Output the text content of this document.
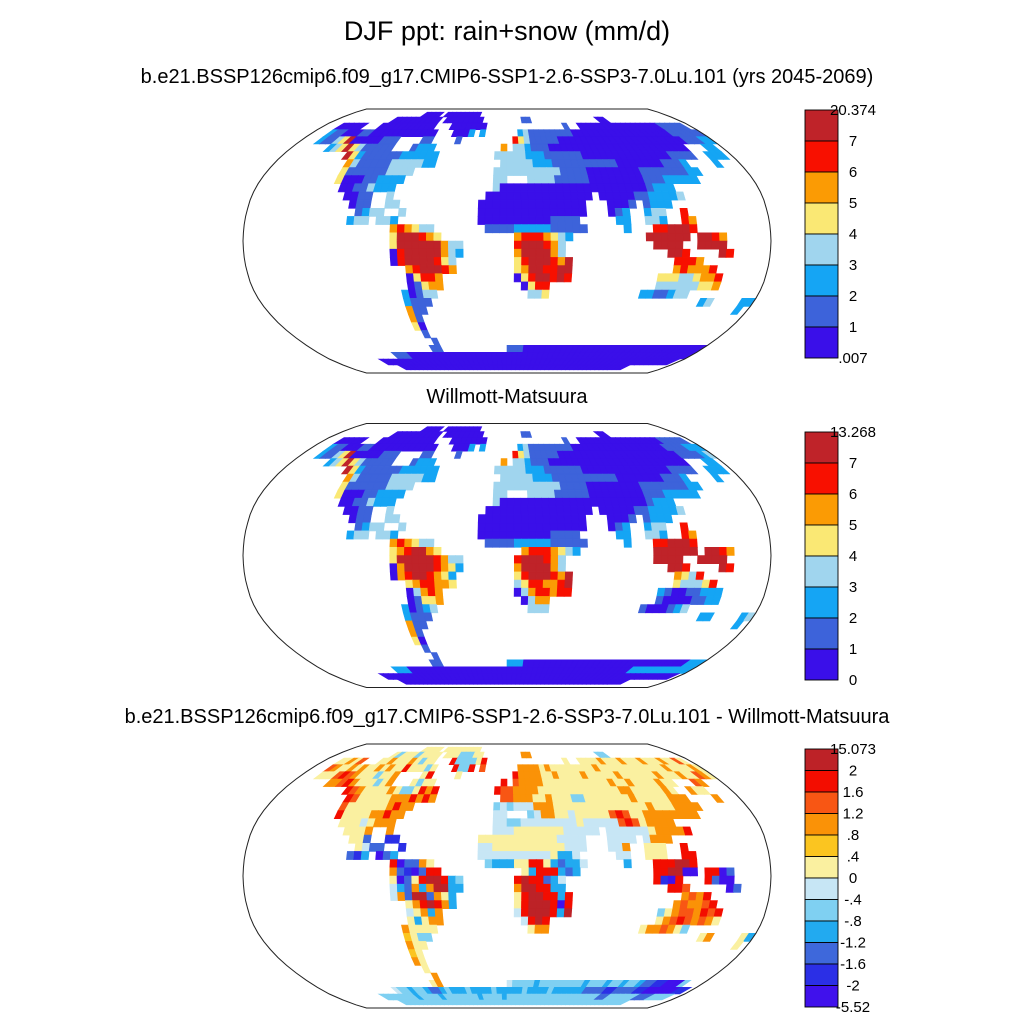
DJF ppt: rain+snow (mm/d)
b.e21.BSSP126cmip6.f09_g17.CMIP6-SSP1-2.6-SSP3-7.0Lu.101 (yrs 2045-2069)
Willmott-Matsuura
b.e21.BSSP126cmip6.f09_g17.CMIP6-SSP1-2.6-SSP3-7.0Lu.101 - Willmott-Matsuura
20.374
7
6
5
4
3
2
1
.007
13.268
7
6
5
4
3
2
1
0
15.073
2
1.6
1.2
.8
.4
0
-.4
-.8
-1.2
-1.6
-2
-5.52
